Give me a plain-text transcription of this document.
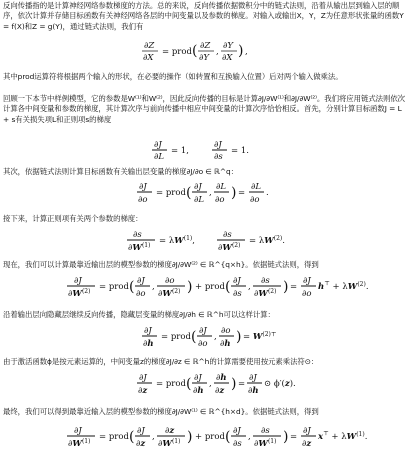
反向传播指的是计算神经网络参数梯度的方法。总的来说，反向传播依据微积分中的链式法则，沿着从输出层到输入层的顺序，依次计算并存储目标函数有关神经网络各层的中间变量以及参数的梯度。对输入或输出X，Y，Z为任意形状张量的函数Y = f(X)和Z = g(Y)，通过链式法则，我们有

∂Z
∂X
= prod ( ∂Z
∂Y
,
∂Y
∂X ) ,

其中prod运算符将根据两个输入的形状，在必要的操作（如转置和互换输入位置）后对两个输入做乘法。

回顾一下本节中样例模型，它的参数是W⁽¹⁾和W⁽²⁾，因此反向传播的目标是计算∂J/∂W⁽¹⁾和∂J/∂W⁽²⁾。我们将应用链式法则依次计算各中间变量和参数的梯度，其计算次序与前向传播中相应中间变量的计算次序恰恰相反。首先，分别计算目标函数J = L + s有关损失项L和正则项s的梯度

∂J
∂L
= 1,
∂J
∂s
= 1.

其次，依据链式法则计算目标函数有关输出层变量的梯度∂J/∂o ∈ ℝ^q：

∂J
∂o
= prod ( ∂J
∂L
,
∂L
∂o ) =
∂L
∂o
.

接下来，计算正则项有关两个参数的梯度：

∂s
$\partial W^{(1)} = \lambda W^{(1)}$,
∂s
$\partial W^{(2)} = \lambda W^{(2)}$.

现在，我们可以计算最靠近输出层的模型参数的梯度∂J/∂W⁽²⁾ ∈ ℝ^{q×h}。依据链式法则，得到

∂J
$\partial W^{(2)}$ = prod ( ∂J
∂o
,
∂o
$\partial W^{(2)}$ ) + prod ( ∂J
∂s
,
∂s
$\partial W^{(2)}$ ) =
∂J
∂o
$h^⊤ + \lambda W^{(2)}$.

沿着输出层向隐藏层继续反向传播，隐藏层变量的梯度∂J/∂h ∈ ℝ^h可以这样计算：

∂J
∂h
= prod ( ∂J
∂o
,
∂o
∂h ) = $W^{(2)⊤}$

由于激活函数ϕ是按元素运算的，中间变量z的梯度∂J/∂z ∈ ℝ^h的计算需要使用按元素乘法符⊙：

∂J
∂z
= prod ( ∂J
∂h
,
∂h
∂z ) =
∂J
∂h
⊙ ϕ′(z).

最终，我们可以得到最靠近输入层的模型参数的梯度∂J/∂W⁽¹⁾ ∈ ℝ^{h×d}。依据链式法则，得到

∂J
$\partial W^{(1)}$ = prod ( ∂J
∂z
,
∂z
$\partial W^{(1)}$ ) + prod ( ∂J
∂s
,
∂s
$\partial W^{(1)}$ ) =
∂J
∂z
$x^⊤ + \lambda W^{(1)}$.
